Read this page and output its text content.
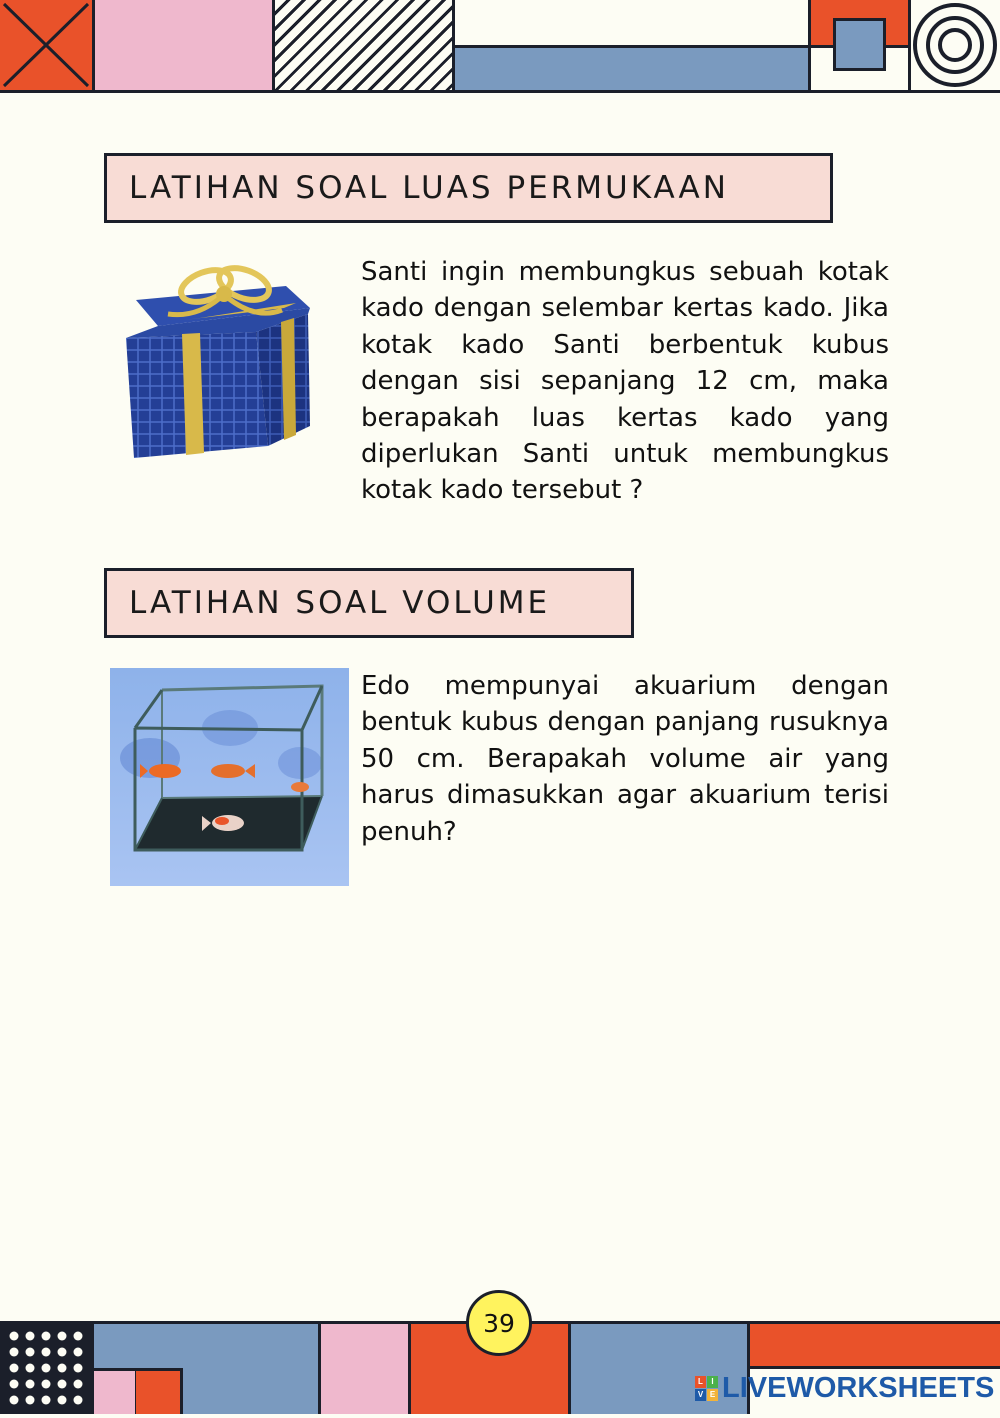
LATIHAN SOAL LUAS PERMUKAAN

Santi ingin membungkus sebuah kotak kado dengan selembar kertas kado. Jika kotak kado Santi berbentuk kubus dengan sisi sepanjang 12 cm, maka berapakah luas kertas kado yang diperlukan Santi untuk membungkus kotak kado tersebut ?

LATIHAN SOAL VOLUME

Edo mempunyai akuarium dengan bentuk kubus dengan panjang rusuknya 50 cm. Berapakah volume air yang harus dimasukkan agar akuarium terisi penuh?

39
L	I
V E LIVEWORKSHEETS
